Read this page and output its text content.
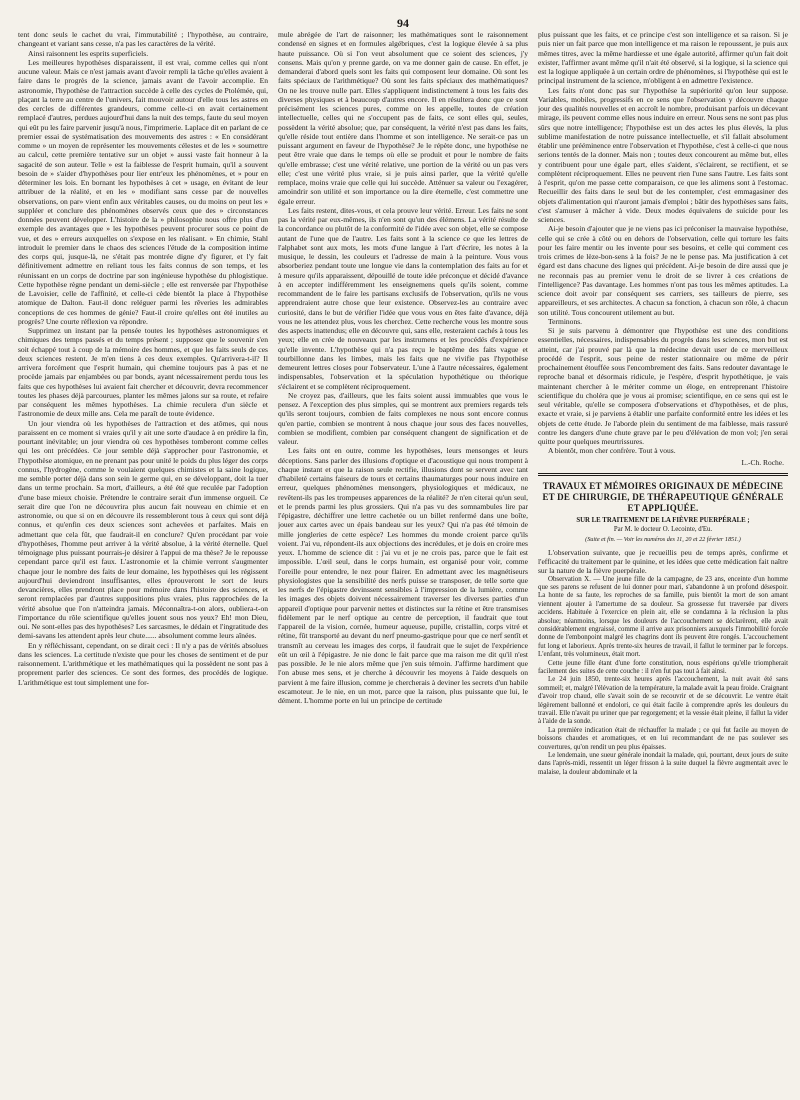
94

tent donc seuls le cachet du vrai, l'immutabilité ; l'hypothèse, au contraire, changeant et variant sans cesse, n'a pas les caractères de la vérité.

Ainsi raisonnent les esprits superficiels.

Les meilleures hypothèses disparaissent, il est vrai, comme celles qui n'ont aucune valeur. Mais ce n'est jamais avant d'avoir rempli la tâche qu'elles avaient à faire dans le progrès de la science, jamais avant de l'avoir accomplie. En astronomie, l'hypothèse de l'attraction succède à celle des cycles de Ptolémée, qui, plaçant la terre au centre de l'univers, fait mouvoir autour d'elle tous les astres en des cercles de différentes grandeurs, comme celle-ci en avait certainement remplacé d'autres, perdues aujourd'hui dans la nuit des temps, faute du seul moyen qui eût pu les faire parvenir jusqu'à nous, l'imprimerie. Laplace dit en parlant de ce premier essai de systématisation des mouvements des astres : « En considérant comme » un moyen de représenter les mouvements célestes et de les » soumettre au calcul, cette première tentative sur un objet » aussi vaste fait honneur à la sagacité de son auteur. Telle » est la faiblesse de l'esprit humain, qu'il a souvent besoin de » s'aider d'hypothèses pour lier entr'eux les phénomènes, et » pour en déterminer les lois. En bornant les hypothèses à cet » usage, en évitant de leur attribuer de la réalité, et en les » modifiant sans cesse par de nouvelles observations, on par» vient enfin aux véritables causes, ou du moins on peut les » suppléer et conclure des phénomènes observés ceux que des » circonstances données peuvent développer. L'histoire de la » philosophie nous offre plus d'un exemple des avantages que » les hypothèses peuvent procurer sous ce point de vue, et des » erreurs auxquelles on s'expose en les réalisant. » En chimie, Stahl introduit le premier dans le chaos des sciences l'étude de la composition intime des corps qui, jusque-là, ne s'était pas montrée digne d'y figurer, et l'y fait définitivement admettre en reliant tous les faits connus de son temps, et les réunissant en un corps de doctrine par son ingénieuse hypothèse du phlogistique. Cette hypothèse règne pendant un demi-siècle ; elle est renversée par l'hypothèse de Lavoisier, celle de l'affinité, et celle-ci cède bientôt la place à l'hypothèse atomique de Dalton. Faut-il donc reléguer parmi les rêveries les admirables conceptions de ces hommes de génie? Faut-il croire qu'elles ont été inutiles au progrès? Une courte réflexion va répondre.

Supprimez un instant par la pensée toutes les hypothèses astronomiques et chimiques des temps passés et du temps présent ; supposez que le souvenir s'en soit échappé tout à coup de la mémoire des hommes, et que les faits seuls de ces deux sciences restent. Je m'en tiens à ces deux exemples. Qu'arrivera-t-il? Il arrivera forcément que l'esprit humain, qui chemine toujours pas à pas et ne procède jamais par enjambées ou par bonds, ayant nécessairement perdu tous les faits que ces hypothèses lui avaient fait chercher et découvrir, devra recommencer toutes les phases déjà parcourues, planter les mêmes jalons sur sa route, et refaire par conséquent les mêmes hypothèses. La chimie reculera d'un siècle et l'astronomie de deux mille ans. Cela me paraît de toute évidence.

Un jour viendra où les hypothèses de l'attraction et des atômes, qui nous paraissent en ce moment si vraies qu'il y ait une sorte d'audace à en prédire la fin, pourtant inévitable; un jour viendra où ces hypothèses tomberont comme celles qui les ont précédées. Ce jour semble déjà s'approcher pour l'astronomie, et l'hypothèse atomique, en ne prenant pas pour unité le poids du plus léger des corps connus, l'hydrogène, comme le voulaient quelques chimistes et la saine logique, me semble porter déjà dans son sein le germe qui, en se développant, doit la tuer dans un terme prochain. Sa mort, d'ailleurs, a été été que reculée par l'adoption d'une base mieux choisie. Prétendre le contraire serait d'un immense orgueil. Ce serait dire que l'on ne découvrira plus aucun fait nouveau en chimie et en astronomie, ou que si on en découvre ils ressembleront tous à ceux qui sont déjà connus, et qu'enfin ces deux sciences sont achevées et parfaites. Mais en admettant que cela fût, que faudrait-il en conclure? Qu'en procédant par voie d'hypothèses, l'homme peut arriver à la vérité absolue, à la vérité éternelle. Quel témoignage plus puissant pourrais-je désirer à l'appui de ma thèse? Je le repousse cependant parce qu'il est faux. L'astronomie et la chimie verront s'augmenter chaque jour le nombre des faits de leur domaine, les hypothèses qui les régissent aujourd'hui deviendront insuffisantes, elles éprouveront le sort de leurs devancières, elles prendront place pour mémoire dans l'histoire des sciences, et seront remplacées par d'autres suppositions plus vraies, plus rapprochées de la vérité absolue que l'on n'atteindra jamais. Méconnaîtra-t-on alors, oubliera-t-on l'importance du rôle scientifique qu'elles jouent sous nos yeux? Eh! mon Dieu, oui. Ne sont-elles pas des hypothèses? Les sarcasmes, le dédain et l'ingratitude des demi-savans les attendent après leur chute...... absolument comme leurs aînées.

En y réfléchissant, cependant, on se dirait ceci : Il n'y a pas de vérités absolues dans les sciences. La certitude n'existe que pour les choses de sentiment et de pur raisonnement. L'arithmétique et les mathématiques qui la possèdent ne sont pas à proprement parler des sciences. Ce sont des formes, des procédés de logique. L'arithmétique est tout simplement une for-

mule abrégée de l'art de raisonner; les mathématiques sont le raisonnement condensé en signes et en formules algébriques, c'est la logique élevée à sa plus haute puissance. Où si l'on veut absolument que ce soient des sciences, j'y consens. Mais qu'on y prenne garde, on va me donner gain de cause. En effet, je demanderai d'abord quels sont les faits qui composent leur domaine. Où sont les faits spéciaux de l'arithmétique? Où sont les faits spéciaux des mathématiques? On ne les trouve nulle part. Elles s'appliquent indistinctement à tous les faits des diverses physiques et à beaucoup d'autres encore. Il en résultera donc que ce sont précisément les sciences pures, comme on les appelle, toutes de création intellectuelle, celles qui ne s'occupent pas de faits, ce sont elles qui, seules, possèdent la vérité absolue; que, par conséquent, la vérité n'est pas dans les faits, qu'elle réside tout entière dans l'homme et son intelligence. Ne serait-ce pas un puissant argument en faveur de l'hypothèse? Je le répète donc, une hypothèse ne peut être vraie que dans le temps où elle se produit et pour le nombre de faits qu'elle embrasse; c'est une vérité relative, une portion de la vérité ou un pas vers elle; c'est une vérité plus vraie, si je puis ainsi parler, que la vérité qu'elle remplace, moins vraie que celle qui lui succède. Atténuer sa valeur ou l'exagérer, amoindrir son utilité et son importance ou la dire éternelle, c'est commettre une égale erreur.

Les faits restent, dites-vous, et cela prouve leur vérité. Erreur. Les faits ne sont pas la vérité par eux-mêmes, ils n'en sont qu'un des élémens. La vérité résulte de la concordance ou plutôt de la conformité de l'idée avec son objet, elle se compose autant de l'une que de l'autre. Les faits sont à la science ce que les lettres de l'alphabet sont aux mots, les mots d'une langue à l'art d'écrire, les notes à la musique, le dessin, les couleurs et l'adresse de main à la peinture. Vous vous absorberiez pendant toute une longue vie dans la contemplation des faits au for et à mesure qu'ils apparaissent, dépouillé de toute idée préconçue et décidé d'avance à en accepter indifféremment les enseignemens quels qu'ils soient, comme recommandent de le faire les partisans exclusifs de l'observation, qu'ils ne vous apprendraient autre chose que leur existence. Observez-les au contraire avec curiosité, dans le but de vérifier l'idée que vous vous en êtes faite d'avance, déjà vous ne les attendez plus, vous les cherchez. Cette recherche vous les montre sous des aspects inattendus; elle en découvre qui, sans elle, resteraient cachés à tous les yeux; elle en crée de nouveaux par les instrumens et les procédés d'expérience qu'elle invente. L'hypothèse qui n'a pas reçu le baptême des faits vague et tourbillonne dans les limbes, mais les faits que ne vivifie pas l'hypothèse demeurent lettres closes pour l'observateur. L'une à l'autre nécessaires, également indispensables, l'observation et la spéculation hypothétique ou théorique s'éclairent et se complètent réciproquement.

Ne croyez pas, d'ailleurs, que les faits soient aussi immuables que vous le pensez. A l'exception des plus simples, qui se montrent aux premiers regards tels qu'ils seront toujours, combien de faits complexes ne nous sont encore connus qu'en partie, combien se montrent à nous chaque jour sous des faces nouvelles, combien se modifient, combien par conséquent changent de signification et de valeur.

Les faits ont en outre, comme les hypothèses, leurs mensonges et leurs déceptions. Sans parler des illusions d'optique et d'acoustique qui nous trompent à chaque instant et que la raison seule rectifie, illusions dont se servent avec tant d'habileté certains faiseurs de tours et certains thaumaturges pour nous induire en erreur, quelques phénomènes mensongers, physiologiques et médicaux, ne revêtent-ils pas les trompeuses apparences de la réalité? Je n'en citerai qu'un seul, et le prends parmi les plus grossiers. Qui n'a pas vu des somnambules lire par l'épigastre, déchiffrer une lettre cachetée ou un billet renfermé dans une boîte, jouer aux cartes avec un épais bandeau sur les yeux? Qui n'a pas été témoin de mille jongleries de cette espèce? Les hommes du monde croient parce qu'ils voient. J'ai vu, répondent-ils aux objections des incrédules, et je dois en croire mes yeux. L'homme de science dit : j'ai vu et je ne crois pas, parce que le fait est impossible. L'œil seul, dans le corps humain, est organisé pour voir, comme l'oreille pour entendre, le nez pour flairer. En admettant avec les magnétiseurs physiologistes que la sensibilité des nerfs puisse se transposer, de telle sorte que les nerfs de l'épigastre devinssent sensibles à l'impression de la lumière, comme les images des objets doivent nécessairement traverser les diverses parties d'un appareil d'optique pour parvenir nettes et distinctes sur la rétine et être transmises fidèlement par le nerf optique au centre de perception, il faudrait que tout l'appareil de la vision, cornée, humeur aqueuse, pupille, cristallin, corps vitré et rétine, fût transporté au devant du nerf pneumo-gastrique pour que ce nerf sentît et transmît au cerveau les images des corps, il faudrait que le sujet de l'expérience eût un œil à l'épigastre. Je nie donc le fait parce que ma raison me dit qu'il n'est pas possible. Je le nie alors même que j'en suis témoin. J'affirme hardiment que l'on abuse mes sens, et je cherche à découvrir les moyens à l'aide desquels on parvient à me faire illusion, comme je chercherais à deviner les secrets d'un habile escamoteur. Je le nie, en un mot, parce que la raison, plus puissante que lui, le dément. L'homme porte en lui un principe de certitude

plus puissant que les faits, et ce principe c'est son intelligence et sa raison. Si je puis nier un fait parce que mon intelligence et ma raison le repoussent, je puis aux mêmes titres, avec la même hardiesse et une égale autorité, affirmer qu'un fait doit exister, l'affirmer avant même qu'il n'ait été observé, si la logique, si la science qui est la logique appliquée à un certain ordre de phénomènes, si l'hypothèse qui est le principal instrument de la science, m'obligent à en admettre l'existence.

Les faits n'ont donc pas sur l'hypothèse la supériorité qu'on leur suppose. Variables, mobiles, progressifs en ce sens que l'observation y découvre chaque jour des qualités nouvelles et en accroît le nombre, produisant parfois un décevant mirage, ils peuvent comme elles nous induire en erreur. Nous sens ne sont pas plus sûrs que notre intelligence; l'hypothèse est un des actes les plus élevés, la plus sublime manifestation de notre puissance intellectuelle, et s'il fallait absolument établir une prééminence entre l'observation et l'hypothèse, c'est à celle-ci que nous serions tentés de la donner. Mais non ; toutes deux concourent au même but, elles y contribuent pour une égale part, elles s'aident, s'éclairent, se rectifient, et se complètent réciproquement. Elles ne peuvent rien l'une sans l'autre. Les faits sont à l'esprit, qu'on me passe cette comparaison, ce que les alimens sont à l'estomac. Recueillir des faits dans le seul but de les contempler, c'est emmagasiner des objets d'alimentation qui n'auront jamais d'emploi ; bâtir des hypothèses sans faits, c'est s'amuser à mâcher à vide. Deux modes équivalens de suicide pour les sciences.

Ai-je besoin d'ajouter que je ne viens pas ici préconiser la mauvaise hypothèse, celle qui se crée à côté ou en dehors de l'observation, celle qui torture les faits pour les faire mentir ou les invente pour ses besoins, et celle qui comment ces trois crimes de lèze-bon-sens à la fois? Je ne le pense pas. Ma justification à cet égard est dans chacune des lignes qui précèdent. Ai-je besoin de dire aussi que je ne reconnais pas au premier venu le droit de se livrer à ces créations de l'intelligence? Pas davantage. Les hommes n'ont pas tous les mêmes aptitudes. La science doit avoir par conséquent ses carriers, ses tailleurs de pierre, ses appareilleurs, et ses architectes. A chacun sa fonction, à chacun son rôle, à chacun son utilité. Tous concourent utilement au but.

Terminons.

Si je suis parvenu à démontrer que l'hypothèse est une des conditions essentielles, nécessaires, indispensables du progrès dans les sciences, mon but est atteint, car j'ai prouvé par là que la médecine devait user de ce merveilleux procédé de l'esprit, sous peine de rester stationnaire ou même de périr prochainement étouffée sous l'encombrement des faits. Sans redouter davantage le reproche banal et désormais ridicule, je l'espère, d'esprit hypothétique, je vais maintenant chercher à le mériter comme un éloge, en entreprenant l'histoire scientifique du choléra que je vous ai promise; scientifique, en ce sens qui est le seul véritable, qu'elle se composera d'observations et d'hypothèses, et de plus, exacte et vraie, si je parviens à établir une parfaite conformité entre les idées et les objets de cette étude. Je l'aborde plein du sentiment de ma faiblesse, mais rassuré contre les dangers d'une chute grave par le peu d'élévation de mon vol; j'en serai quitte pour quelques meurtrissures.

A bientôt, mon cher confrère. Tout à vous.

L.-Ch. Roche.
TRAVAUX ET MÉMOIRES ORIGINAUX DE MÉDECINE ET DE CHIRURGIE, DE THÉRAPEUTIQUE GÉNÉRALE ET APPLIQUÉE.
SUR LE TRAITEMENT DE LA FIÈVRE PUERPÉRALE ;
Par M. le docteur O. Lecointe, d'Eu.
(Suite et fin. — Voir les numéros des 11, 20 et 22 février 1851.)

L'observation suivante, que je recueillis peu de temps après, confirme et l'efficacité du traitement par le quinine, et les idées que cette médication fait naître sur la nature de la fièvre puerpérale.

Observation X. — Une jeune fille de la campagne, de 23 ans, enceinte d'un homme que ses parens se refusent de lui donner pour mari, s'abandonne à un profond désespoir. La honte de sa faute, les reproches de sa famille, puis bientôt la mort de son amant viennent ajouter à l'amertume de sa douleur. Sa grossesse fut traversée par divers accidens. Habituée à l'exercice en plein air, elle se condamna à la réclusion la plus absolue; néanmoins, lorsque les douleurs de l'accouchement se déclarèrent, elle avait considérablement engraissé, comme il arrive aux prisonniers auxquels l'immobilité forcée donne de l'embonpoint malgré les chagrins dont ils peuvent être rongés. L'accouchement fut long et laborieux. Après trente-six heures de travail, il fallut le terminer par le forceps. L'enfant, très volumineux, était mort.

Cette jeune fille étant d'une forte constitution, nous espérions qu'elle triompherait facilement des suites de cette couche : il n'en fut pas tout à fait ainsi.

Le 24 juin 1850, trente-six heures après l'accouchement, la nuit avait été sans sommeil; et, malgré l'élévation de la température, la malade avait la peau froide. Craignant d'avoir trop chaud, elle s'avait soin de se recouvrir et de se découvrir. Le ventre était légèrement ballonné et endolori, ce qui était facile à comprendre après les douleurs du travail. Elle n'avait pu uriner que par regorgement; et la vessie était pleine, il fallut la vider à l'aide de la sonde.

La première indication était de réchauffer la malade ; ce qui fut facile au moyen de boissons chaudes et aromatiques, et en lui recommandant de ne pas soulever ses couvertures, qu'on rendit un peu plus épaisses.

Le lendemain, une sueur générale inondait la malade, qui, pourtant, deux jours de suite dans l'après-midi, ressentit un léger frisson à la suite duquel la fièvre augmentait avec le malaise, la douleur abdominale et la
